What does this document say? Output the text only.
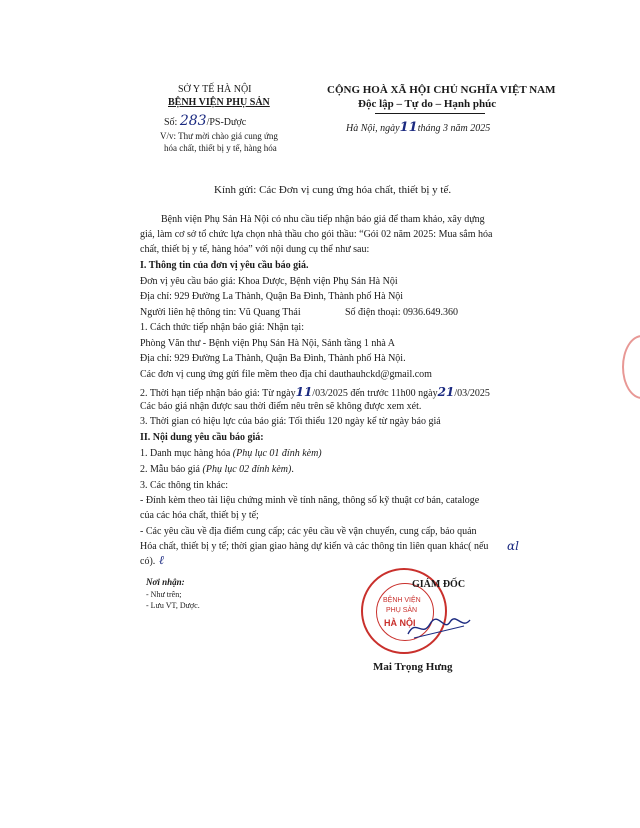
SỞ Y TẾ HÀ NỘI
BỆNH VIỆN PHỤ SẢN
Số: 283/PS-Dược
V/v: Thư mời chào giá cung ứng
hóa chất, thiết bị y tế, hàng hóa
CỘNG HOÀ XÃ HỘI CHỦ NGHĨA VIỆT NAM
Độc lập – Tự do – Hạnh phúc
Hà Nội, ngày11tháng 3 năm 2025
Kính gửi: Các Đơn vị cung ứng hóa chất, thiết bị y tế.
Bệnh viện Phụ Sản Hà Nội có nhu cầu tiếp nhận báo giá để tham khảo, xây dựng
giá, làm cơ sở tổ chức lựa chọn nhà thầu cho gói thầu: “Gói 02 năm 2025: Mua sắm hóa
chất, thiết bị y tế, hàng hóa” với nội dung cụ thể như sau:
I. Thông tin của đơn vị yêu cầu báo giá.
Đơn vị yêu cầu báo giá: Khoa Dược, Bệnh viện Phụ Sản Hà Nội
Địa chỉ: 929 Đường La Thành, Quận Ba Đình, Thành phố Hà Nội
Người liên hệ thông tin: Vũ Quang Thái	Số điện thoại: 0936.649.360
1. Cách thức tiếp nhận báo giá: Nhận tại:
Phòng Văn thư - Bệnh viện Phụ Sản Hà Nội, Sảnh tầng 1 nhà A
Địa chỉ: 929 Đường La Thành, Quận Ba Đình, Thành phố Hà Nội.
Các đơn vị cung ứng gửi file mềm theo địa chỉ dauthauhckd@gmail.com
2. Thời hạn tiếp nhận báo giá: Từ ngày11/03/2025 đến trước 11h00 ngày21/03/2025
Các báo giá nhận được sau thời điểm nêu trên sẽ không được xem xét.
3. Thời gian có hiệu lực của báo giá: Tối thiểu 120 ngày kể từ ngày báo giá
II. Nội dung yêu cầu báo giá:
1. Danh mục hàng hóa (Phụ lục 01 đính kèm)
2. Mẫu báo giá (Phụ lục 02 đính kèm).
3. Các thông tin khác:
- Đính kèm theo tài liệu chứng minh về tính năng, thông số kỹ thuật cơ bản, cataloge
của các hóa chất, thiết bị y tế;
- Các yêu cầu về địa điểm cung cấp; các yêu cầu về vận chuyển, cung cấp, bảo quản
Hóa chất, thiết bị y tế; thời gian giao hàng dự kiến và các thông tin liên quan khác( nếu ɑl
có). ℓ
Nơi nhận:
- Như trên;
- Lưu VT, Dược.
BỆNH VIỆN
PHỤ SẢN
HÀ NỘI
GIÁM ĐỐC
Mai Trọng Hưng
